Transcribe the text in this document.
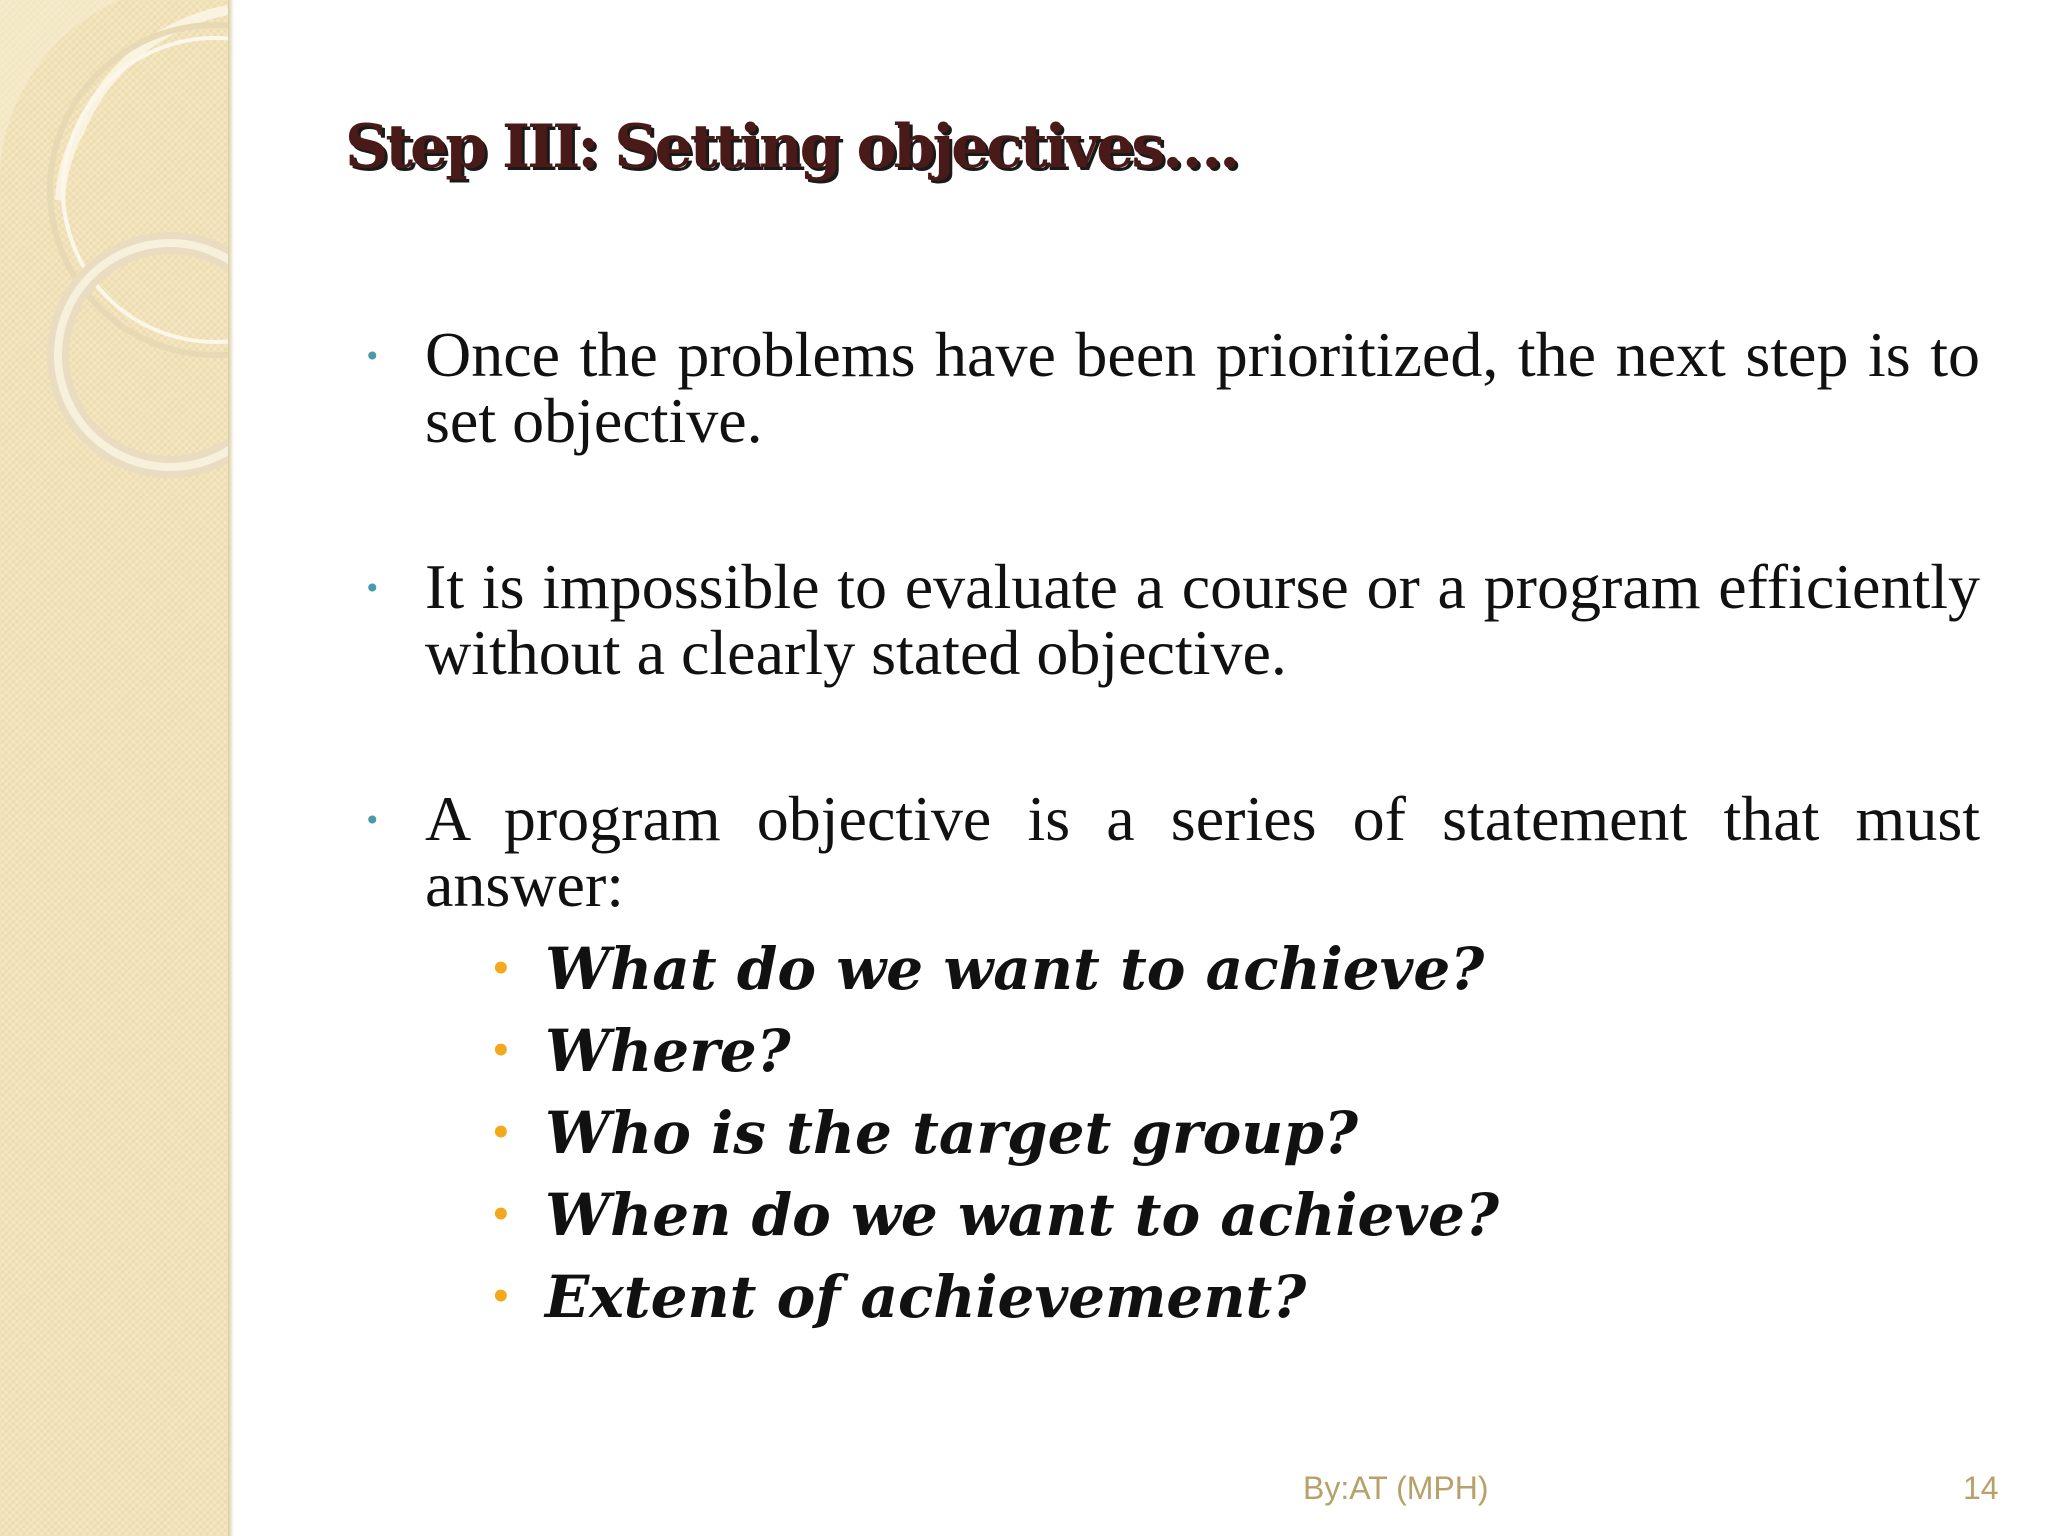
Step III: Setting objectives….
• Once the problems have been prioritized, the next step is to set objective.
• It is impossible to evaluate a course or a program efficiently without a clearly stated objective.
• A program objective is a series of statement that must answer:
• What do we want to achieve?
• Where?
• Who is the target group?
• When do we want to achieve?
• Extent of achievement?
By:AT (MPH)	14
